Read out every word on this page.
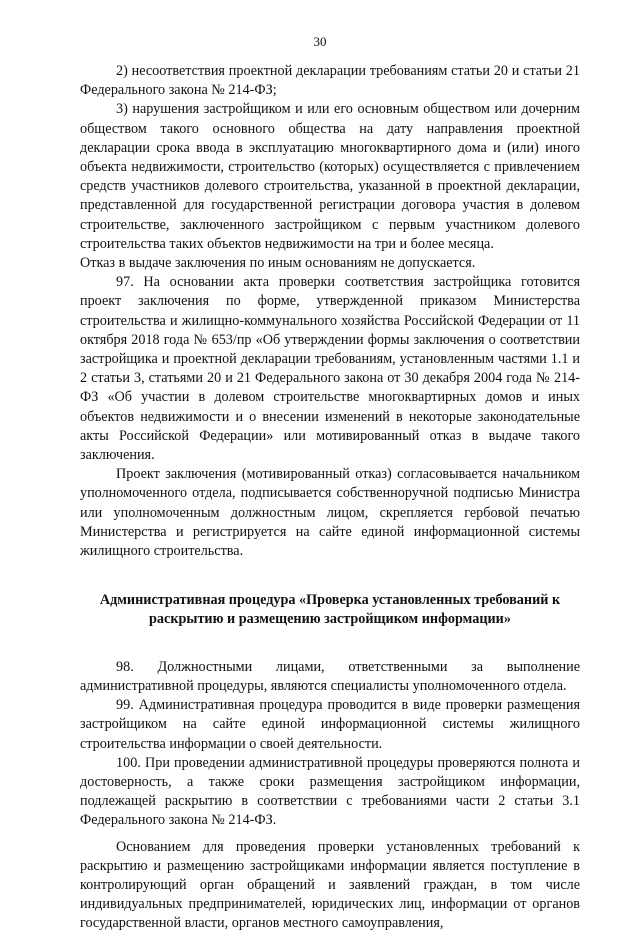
30

2) несоответствия проектной декларации требованиям статьи 20 и статьи 21 Федерального закона № 214-ФЗ;

3) нарушения застройщиком и или его основным обществом или дочерним обществом такого основного общества на дату направления проектной декларации срока ввода в эксплуатацию многоквартирного дома и (или) иного объекта недвижимости, строительство (которых) осуществляется с привлечением средств участников долевого строительства, указанной в проектной декларации, представленной для государственной регистрации договора участия в долевом строительстве, заключенного застройщиком с первым участником долевого строительства таких объектов недвижимости на три и более месяца.

Отказ в выдаче заключения по иным основаниям не допускается.

97. На основании акта проверки соответствия застройщика готовится проект заключения по форме, утвержденной приказом Министерства строительства и жилищно-коммунального хозяйства Российской Федерации от 11 октября 2018 года № 653/пр «Об утверждении формы заключения о соответствии застройщика и проектной декларации требованиям, установленным частями 1.1 и 2 статьи 3, статьями 20 и 21 Федерального закона от 30 декабря 2004 года № 214-ФЗ «Об участии в долевом строительстве многоквартирных домов и иных объектов недвижимости и о внесении изменений в некоторые законодательные акты Российской Федерации» или мотивированный отказ в выдаче такого заключения.

Проект заключения (мотивированный отказ) согласовывается начальником уполномоченного отдела, подписывается собственноручной подписью Министра или уполномоченным должностным лицом, скрепляется гербовой печатью Министерства и регистрируется на сайте единой информационной системы жилищного строительства.

Административная процедура «Проверка установленных требований к раскрытию и размещению застройщиком информации»

98. Должностными лицами, ответственными за выполнение административной процедуры, являются специалисты уполномоченного отдела.

99. Административная процедура проводится в виде проверки размещения застройщиком на сайте единой информационной системы жилищного строительства информации о своей деятельности.

100. При проведении административной процедуры проверяются полнота и достоверность, а также сроки размещения застройщиком информации, подлежащей раскрытию в соответствии с требованиями части 2 статьи 3.1 Федерального закона № 214-ФЗ.

Основанием для проведения проверки установленных требований к раскрытию и размещению застройщиками информации является поступление в контролирующий орган обращений и заявлений граждан, в том числе индивидуальных предпринимателей, юридических лиц, информации от органов государственной власти, органов местного самоуправления,
